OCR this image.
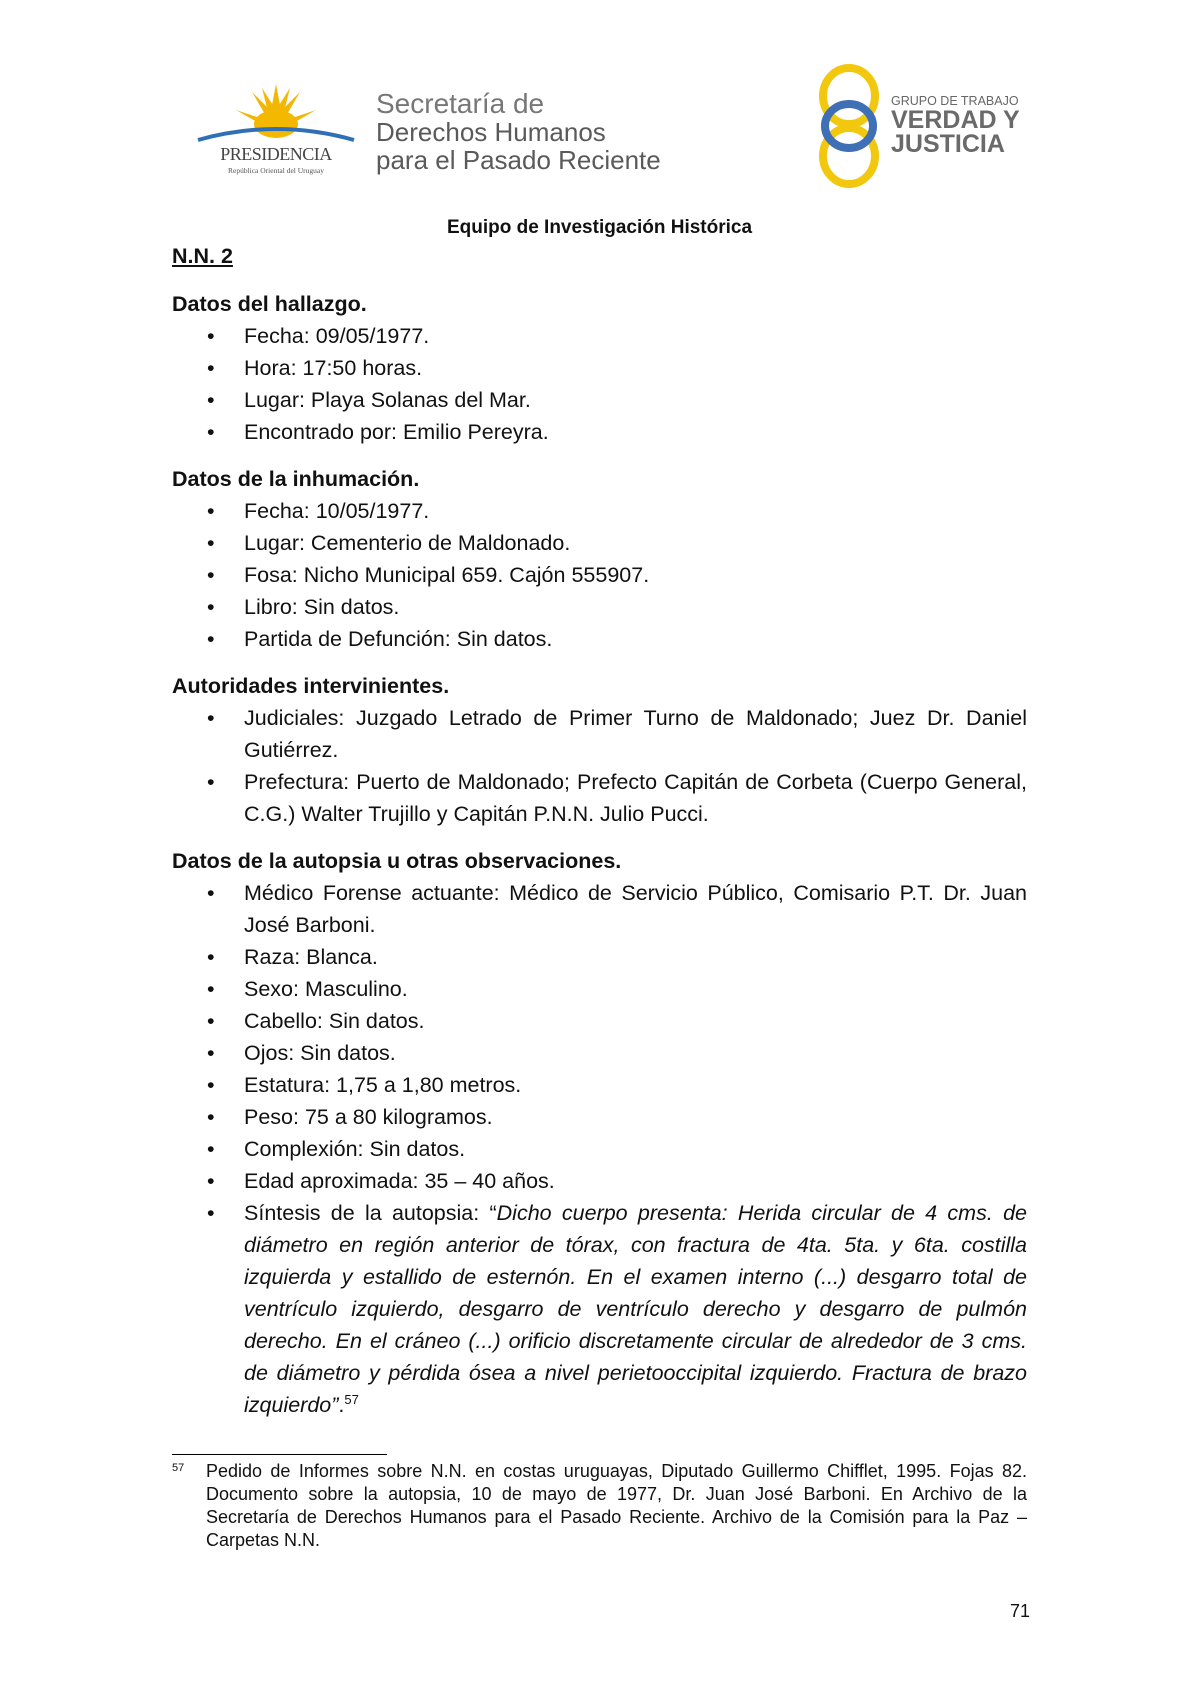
PRESIDENCIA
República Oriental del Uruguay
Secretaría de
Derechos Humanos
para el Pasado Reciente
GRUPO DE TRABAJO
VERDAD Y
JUSTICIA
Equipo de Investigación Histórica
N.N. 2
Datos del hallazgo.
• Fecha: 09/05/1977.
• Hora: 17:50 horas.
• Lugar: Playa Solanas del Mar.
• Encontrado por: Emilio Pereyra.
Datos de la inhumación.
• Fecha: 10/05/1977.
• Lugar: Cementerio de Maldonado.
• Fosa: Nicho Municipal 659. Cajón 555907.
• Libro: Sin datos.
• Partida de Defunción: Sin datos.
Autoridades intervinientes.
• Judiciales: Juzgado Letrado de Primer Turno de Maldonado; Juez Dr. Daniel Gutiérrez.
• Prefectura: Puerto de Maldonado; Prefecto Capitán de Corbeta (Cuerpo General, C.G.) Walter Trujillo y Capitán P.N.N. Julio Pucci.
Datos de la autopsia u otras observaciones.
• Médico Forense actuante: Médico de Servicio Público, Comisario P.T. Dr. Juan José Barboni.
• Raza: Blanca.
• Sexo: Masculino.
• Cabello: Sin datos.
• Ojos: Sin datos.
• Estatura: 1,75 a 1,80 metros.
• Peso: 75 a 80 kilogramos.
• Complexión: Sin datos.
• Edad aproximada: 35 – 40 años.
• Síntesis de la autopsia: “Dicho cuerpo presenta: Herida circular de 4 cms. de diámetro en región anterior de tórax, con fractura de 4ta. 5ta. y 6ta. costilla izquierda y estallido de esternón. En el examen interno (...) desgarro total de ventrículo izquierdo, desgarro de ventrículo derecho y desgarro de pulmón derecho. En el cráneo (...) orificio discretamente circular de alrededor de 3 cms. de diámetro y pérdida ósea a nivel perietooccipital izquierdo. Fractura de brazo izquierdo”.$^{57}$
57 Pedido de Informes sobre N.N. en costas uruguayas, Diputado Guillermo Chifflet, 1995. Fojas 82. Documento sobre la autopsia, 10 de mayo de 1977, Dr. Juan José Barboni. En Archivo de la Secretaría de Derechos Humanos para el Pasado Reciente. Archivo de la Comisión para la Paz – Carpetas N.N.
71
